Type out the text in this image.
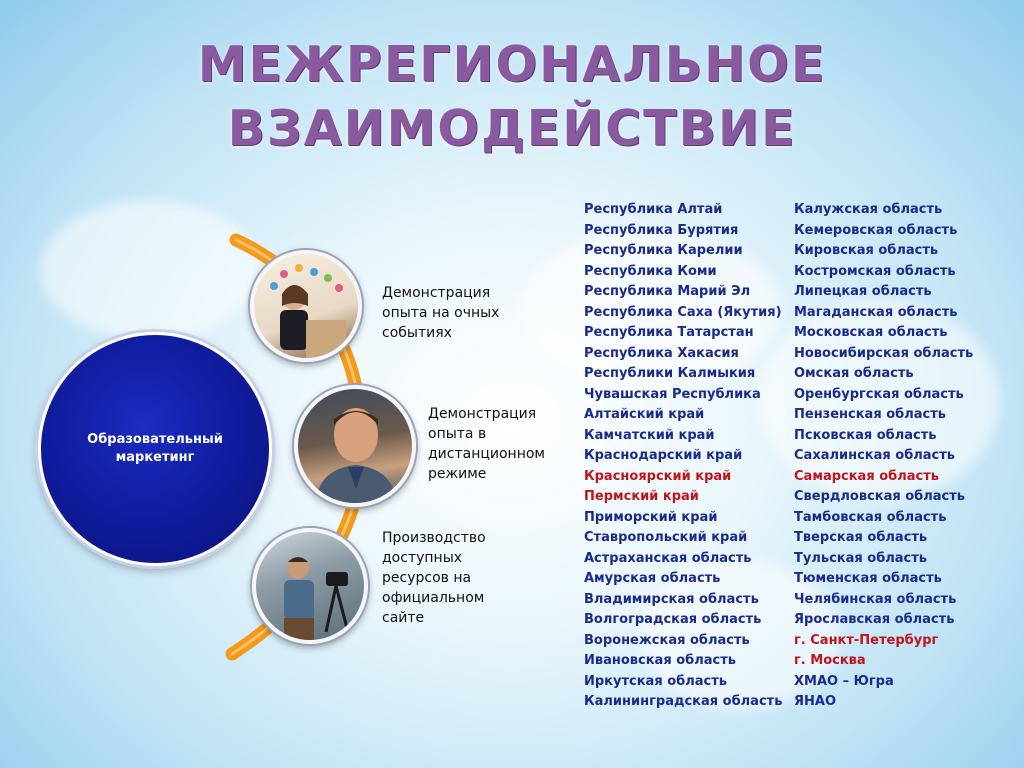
МЕЖРЕГИОНАЛЬНОЕ
ВЗАИМОДЕЙСТВИЕ
Образовательный маркетинг
Демонстрация опыта на очных событиях
Демонстрация опыта в дистанционном режиме
Производство доступных ресурсов на официальном сайте
Республика Алтай
Республика Бурятия
Республика Карелии
Республика Коми
Республика Марий Эл
Республика Саха (Якутия)
Республика Татарстан
Республика Хакасия
Республики Калмыкия
Чувашская Республика
Алтайский край
Камчатский край
Краснодарский край
Красноярский край
Пермский край
Приморский край
Ставропольский край
Астраханская область
Амурская область
Владимирская область
Волгоградская область
Воронежская область
Ивановская область
Иркутская область
Калининградская область
Калужская область
Кемеровская область
Кировская область
Костромская область
Липецкая область
Магаданская область
Московская область
Новосибирская область
Омская область
Оренбургская область
Пензенская область
Псковская область
Сахалинская область
Самарская область
Свердловская область
Тамбовская область
Тверская область
Тульская область
Тюменская область
Челябинская область
Ярославская область
г. Санкт-Петербург
г. Москва
ХМАО – Югра
ЯНАО
